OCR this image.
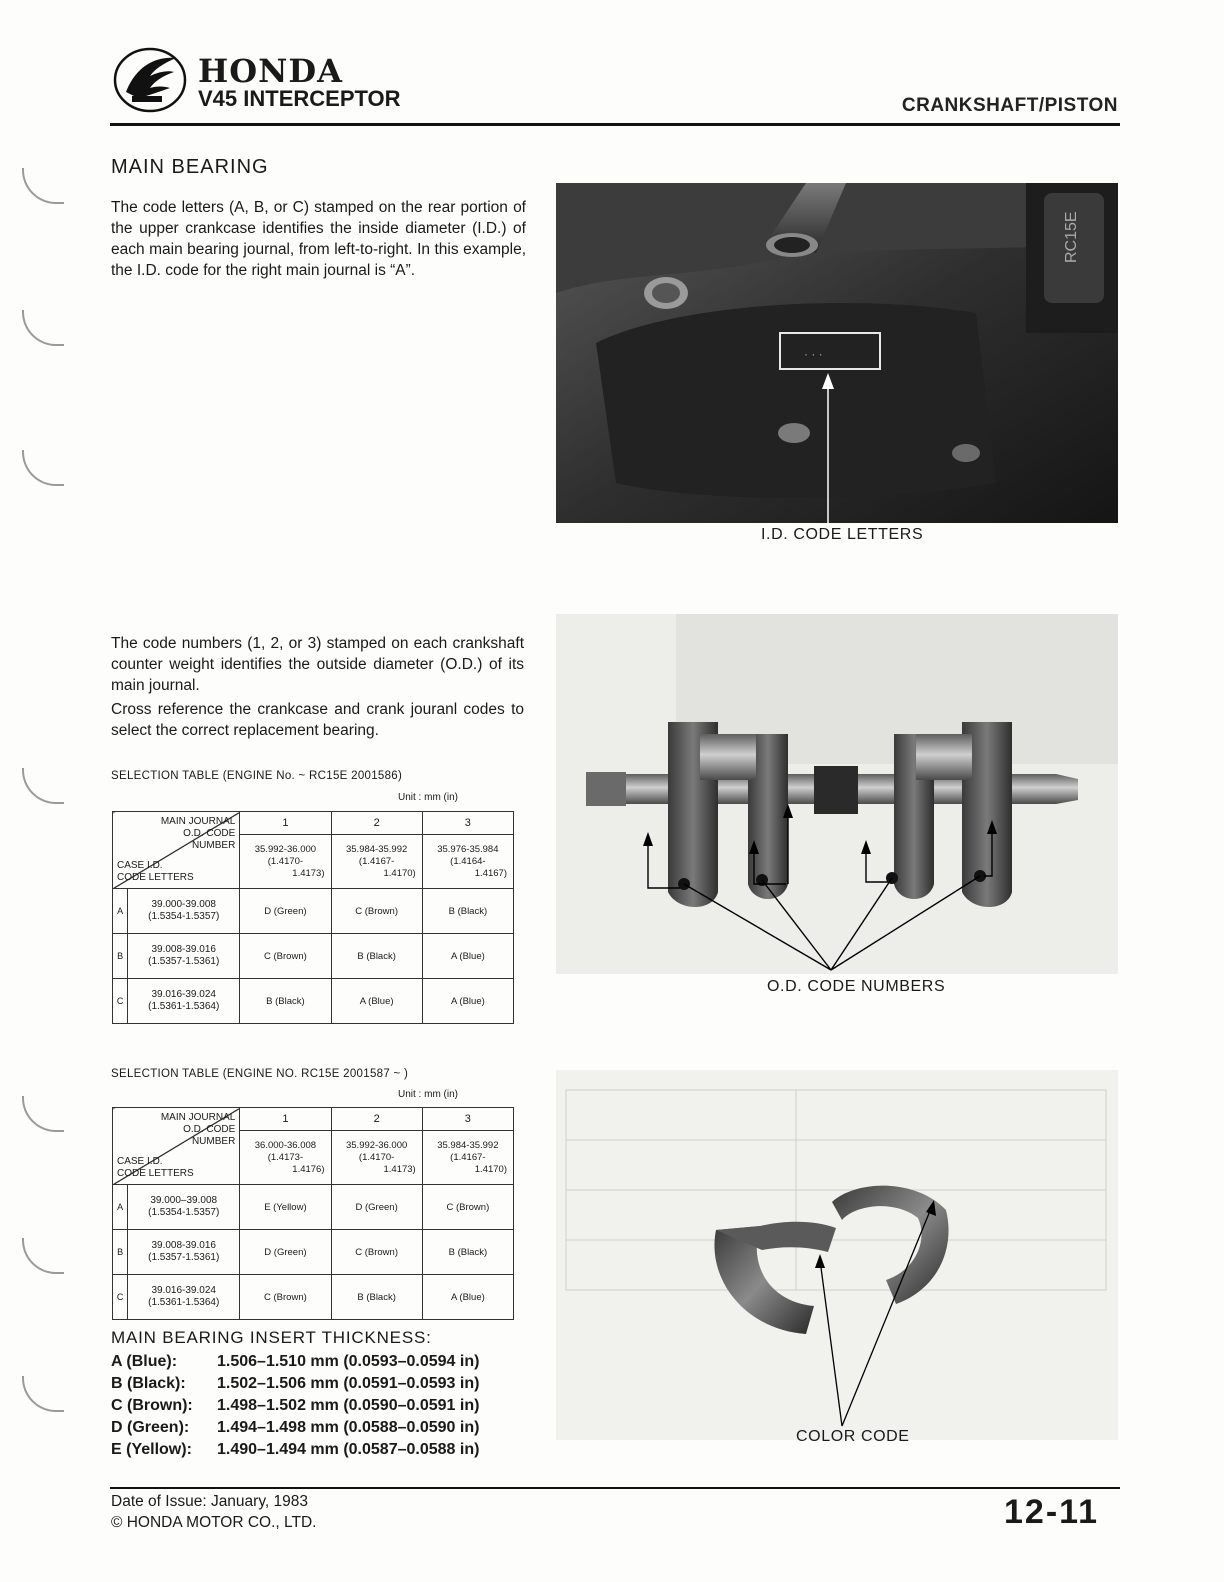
HONDA
V45 INTERCEPTOR	CRANKSHAFT/PISTON
MAIN BEARING
The code letters (A, B, or C) stamped on the rear portion of the upper crankcase identifies the inside diameter (I.D.) of each main bearing journal, from left-to-right. In this example, the I.D. code for the right main journal is “A”.
RC15E
· · ·
I.D. CODE LETTERS
The code numbers (1, 2, or 3) stamped on each crankshaft counter weight identifies the outside diameter (O.D.) of its main journal.
Cross reference the crankcase and crank jouranl codes to select the correct replacement bearing.
O.D. CODE NUMBERS
SELECTION TABLE (ENGINE No. ~ RC15E 2001586)
Unit : mm (in)
MAIN JOURNAL
O.D. CODE
NUMBER
CASE I.D.
CODE LETTERS		1	2	3

		35.992-36.000
(1.4170-
1.4173)	35.984-35.992
(1.4167-
1.4170)	35.976-35.984
(1.4164-
1.4167)

A	39.000-39.008
(1.5354-1.5357)	D (Green)	C (Brown)	B (Black)
B	39.008-39.016
(1.5357-1.5361)	C (Brown)	B (Black)	A (Blue)
C	39.016-39.024
(1.5361-1.5364)	B (Black)	A (Blue)	A (Blue)
SELECTION TABLE (ENGINE NO. RC15E 2001587 ~ )
Unit : mm (in)
MAIN JOURNAL
O.D. CODE
NUMBER
CASE I.D.
CODE LETTERS		1	2	3

		36.000-36.008
(1.4173-
1.4176)	35.992-36.000
(1.4170-
1.4173)	35.984-35.992
(1.4167-
1.4170)

A	39.000–39.008
(1.5354-1.5357)	E (Yellow)	D (Green)	C (Brown)
B	39.008-39.016
(1.5357-1.5361)	D (Green)	C (Brown)	B (Black)
C	39.016-39.024
(1.5361-1.5364)	C (Brown)	B (Black)	A (Blue)
COLOR CODE
MAIN BEARING INSERT THICKNESS:
A (Blue):	1.506–1.510 mm (0.0593–0.0594 in)
B (Black):	1.502–1.506 mm (0.0591–0.0593 in)
C (Brown):	1.498–1.502 mm (0.0590–0.0591 in)
D (Green):	1.494–1.498 mm (0.0588–0.0590 in)
E (Yellow):	1.490–1.494 mm (0.0587–0.0588 in)
Date of Issue: January, 1983
© HONDA MOTOR CO., LTD.	12-11
